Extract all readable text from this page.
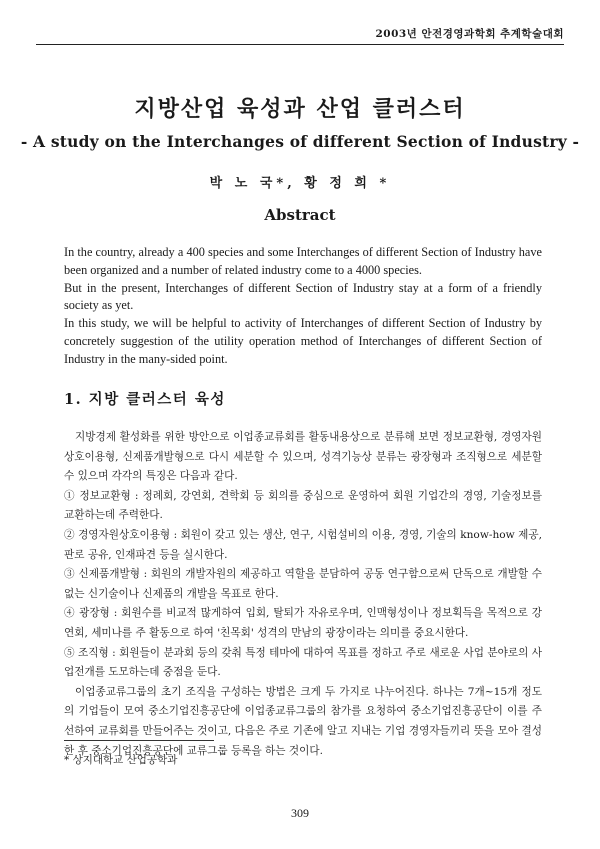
2003년 안전경영과학회 추계학술대회
지방산업 육성과 산업 클러스터
- A study on the Interchanges of different Section of Industry -
박 노 국*, 황 정 희 *
Abstract

In the country, already a 400 species and some Interchanges of different Section of Industry have been organized and a number of related industry come to a 4000 species.

But in the present, Interchanges of different Section of Industry stay at a form of a friendly society as yet.

In this study, we will be helpful to activity of Interchanges of different Section of Industry by concretely suggestion of the utility operation method of Interchanges of different Section of Industry in the many-sided point.

1. 지방 클러스터 육성

지방경제 활성화를 위한 방안으로 이업종교류회를 활동내용상으로 분류해 보면 정보교환형, 경영자원상호이용형, 신제품개발형으로 다시 세분할 수 있으며, 성격기능상 분류는 광장형과 조직형으로 세분할 수 있으며 각각의 특징은 다음과 같다.

① 정보교환형 : 정례회, 강연회, 견학회 등 회의를 중심으로 운영하여 회원 기업간의 경영, 기술정보를 교환하는데 주력한다.

② 경영자원상호이용형 : 회원이 갖고 있는 생산, 연구, 시험설비의 이용, 경영, 기술의 know-how 제공, 판로 공유, 인재파견 등을 실시한다.

③ 신제품개발형 : 회원의 개발자원의 제공하고 역할을 분담하여 공동 연구함으로써 단독으로 개발할 수 없는 신기술이나 신제품의 개발을 목표로 한다.

④ 광장형 : 회원수를 비교적 많게하여 입회, 탈퇴가 자유로우며, 인맥형성이나 정보획득을 목적으로 강연회, 세미나를 주 활동으로 하여 '친목회' 성격의 만남의 광장이라는 의미를 중요시한다.

⑤ 조직형 : 회원들이 분과회 등의 갖춰 특정 테마에 대하여 목표를 정하고 주로 새로운 사업 분야로의 사업전개를 도모하는데 중점을 둔다.

이업종교류그룹의 초기 조직을 구성하는 방법은 크게 두 가지로 나누어진다. 하나는 7개~15개 정도의 기업들이 모여 중소기업진흥공단에 이업종교류그룹의 참가를 요청하여 중소기업진흥공단이 이를 주선하여 교류회를 만들어주는 것이고, 다음은 주로 기존에 알고 지내는 기업 경영자들끼리 뜻을 모아 결성한 후 중소기업진흥공단에 교류그룹 등록을 하는 것이다.

* 상지대학교 산업공학과
309
